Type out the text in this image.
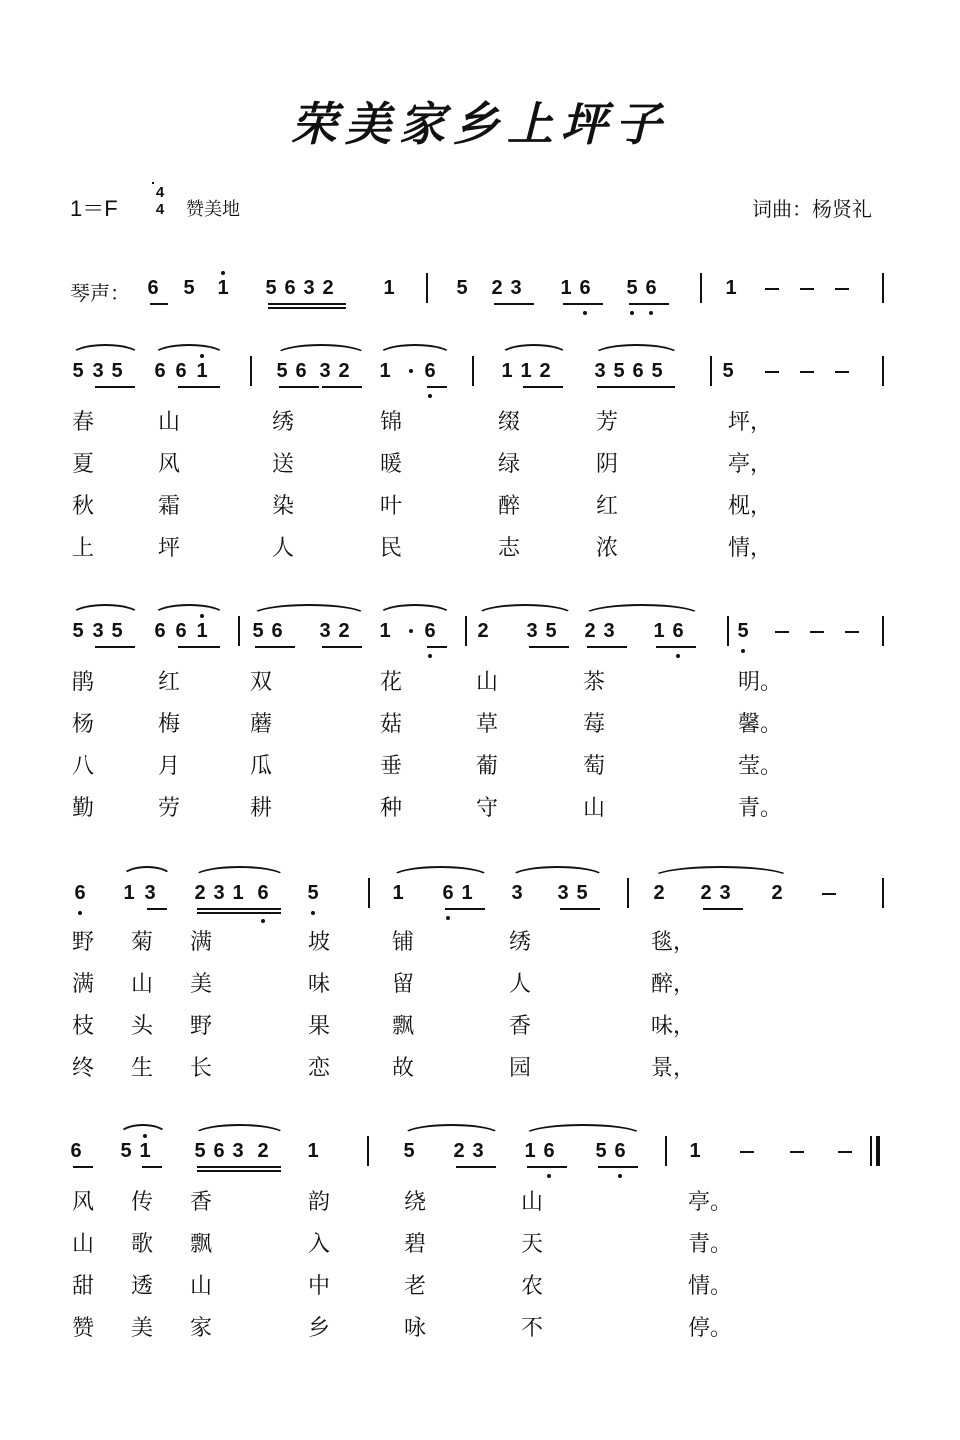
荣美家乡上坪子
1＝F
4
4	赞美地	词曲：杨贤礼
琴声： 6 5 1 5 6 3 2 1	5 2 3 1 6 5 6	1
5 3 5 6 6 1	5 6 3 2 1 6	1 1 2 3 5 6 5	5
春	山	绣	锦	缀	芳	坪，
夏	风	送	暖	绿	阴	亭，
秋	霜	染	叶	醉	红	枧，
上	坪	人	民	志	浓	情，
5 3 5 6 6 1 5 6 3 2 1 6 2 3 5 2 3 1 6	5
鹃	红	双	花	山	茶	明。
杨	梅	蘑	菇	草	莓	馨。
八	月	瓜	垂	葡	萄	莹。
勤	劳	耕	种	守	山	青。
6 1 3 2 3 1 6 5	1 6 1 3 3 5	2 2 3 2
野 菊 满	坡	铺	绣	毯，
满 山 美	味	留	人	醉，
枝 头 野	果	飘	香	味，
终 生 长	恋	故	园	景，
6 5 1 5 6 3 2 1	5 2 3 1 6 5 6	1
风 传 香	韵	绕	山	亭。
山 歌 飘	入	碧	天	青。
甜 透 山	中	老	农	情。
赞 美 家	乡	咏	不	停。
